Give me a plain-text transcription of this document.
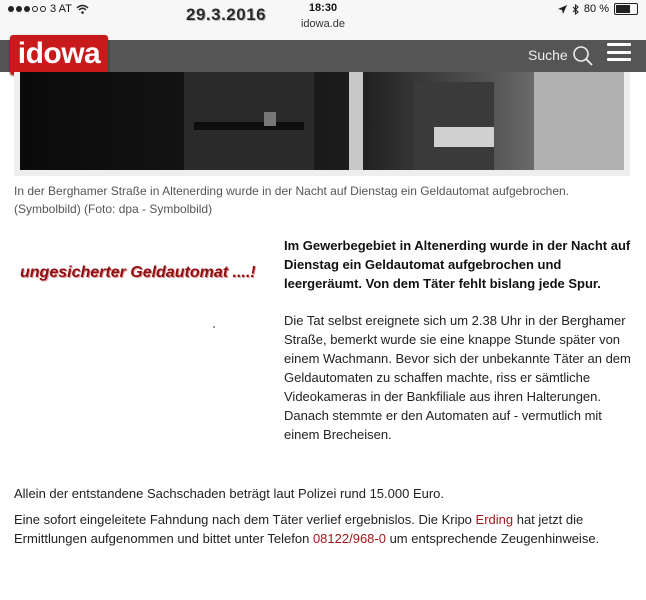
3 AT	29.3.2016	18:30
idowa.de
80 %
idowa	Suche
In der Berghamer Straße in Altenerding wurde in der Nacht auf Dienstag ein Geldautomat aufgebrochen. (Symbolbild) (Foto: dpa - Symbolbild)
ungesicherter Geldautomat ....!
Im Gewerbegebiet in Altenerding wurde in der Nacht auf Dienstag ein Geldautomat aufgebrochen und leergeräumt. Von dem Täter fehlt bislang jede Spur.
Die Tat selbst ereignete sich um 2.38 Uhr in der Berghamer Straße, bemerkt wurde sie eine knappe Stunde später von einem Wachmann. Bevor sich der unbekannte Täter an dem Geldautomaten zu schaffen machte, riss er sämtliche Videokameras in der Bankfiliale aus ihren Halterungen. Danach stemmte er den Automaten auf - vermutlich mit einem Brecheisen.
Allein der entstandene Sachschaden beträgt laut Polizei rund 15.000 Euro.
Eine sofort eingeleitete Fahndung nach dem Täter verlief ergebnislos. Die Kripo Erding hat jetzt die Ermittlungen aufgenommen und bittet unter Telefon 08122/968-0 um entsprechende Zeugenhinweise.
